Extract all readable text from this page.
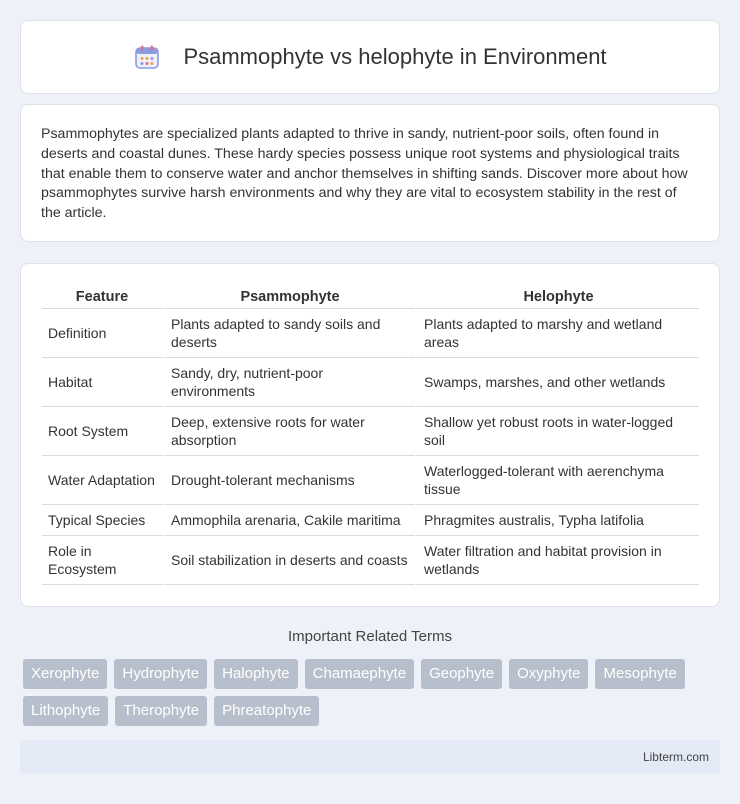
Psammophyte vs helophyte in Environment

Psammophytes are specialized plants adapted to thrive in sandy, nutrient-poor soils, often found in deserts and coastal dunes. These hardy species possess unique root systems and physiological traits that enable them to conserve water and anchor themselves in shifting sands. Discover more about how psammophytes survive harsh environments and why they are vital to ecosystem stability in the rest of the article.

Feature	Psammophyte	Helophyte
Definition	Plants adapted to sandy soils and deserts	Plants adapted to marshy and wetland areas
Habitat	Sandy, dry, nutrient-poor environments	Swamps, marshes, and other wetlands
Root System	Deep, extensive roots for water absorption	Shallow yet robust roots in water-logged soil
Water Adaptation	Drought-tolerant mechanisms	Waterlogged-tolerant with aerenchyma tissue
Typical Species	Ammophila arenaria, Cakile maritima	Phragmites australis, Typha latifolia
Role in Ecosystem	Soil stabilization in deserts and coasts	Water filtration and habitat provision in wetlands
Important Related Terms
Xerophyte	Hydrophyte	Halophyte	Chamaephyte	Geophyte	Oxyphyte	Mesophyte
Lithophyte	Therophyte	Phreatophyte
Libterm.com
